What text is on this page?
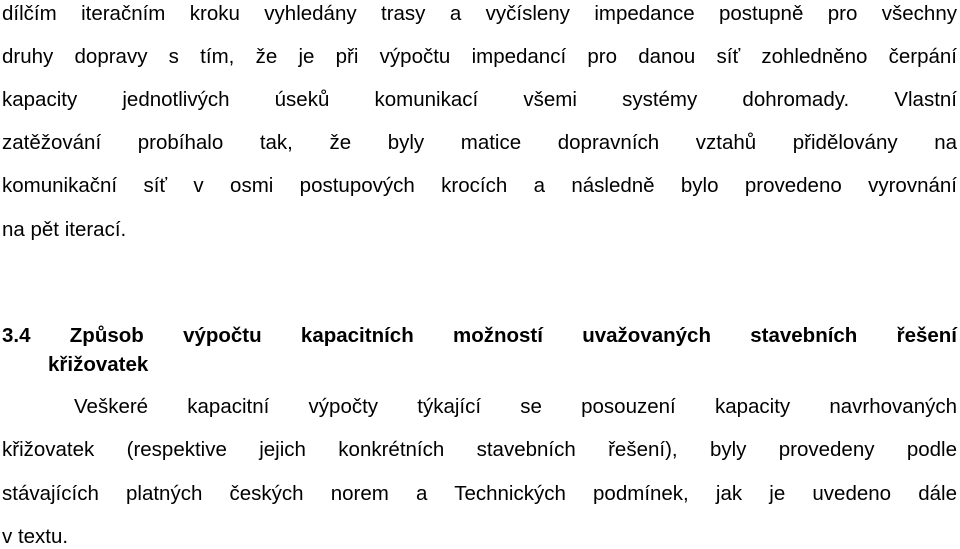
dílčím iteračním kroku vyhledány trasy a vyčísleny impedance postupně pro všechny
druhy dopravy s tím, že je při výpočtu impedancí pro danou síť zohledněno čerpání
kapacity jednotlivých úseků komunikací všemi systémy dohromady. Vlastní
zatěžování probíhalo tak, že byly matice dopravních vztahů přidělovány na
komunikační síť v osmi postupových krocích a následně bylo provedeno vyrovnání
na pět iterací.
3.4 Způsob výpočtu kapacitních možností uvažovaných stavebních řešení
křižovatek
Veškeré kapacitní výpočty týkající se posouzení kapacity navrhovaných
křižovatek (respektive jejich konkrétních stavebních řešení), byly provedeny podle
stávajících platných českých norem a Technických podmínek, jak je uvedeno dále
v textu.
